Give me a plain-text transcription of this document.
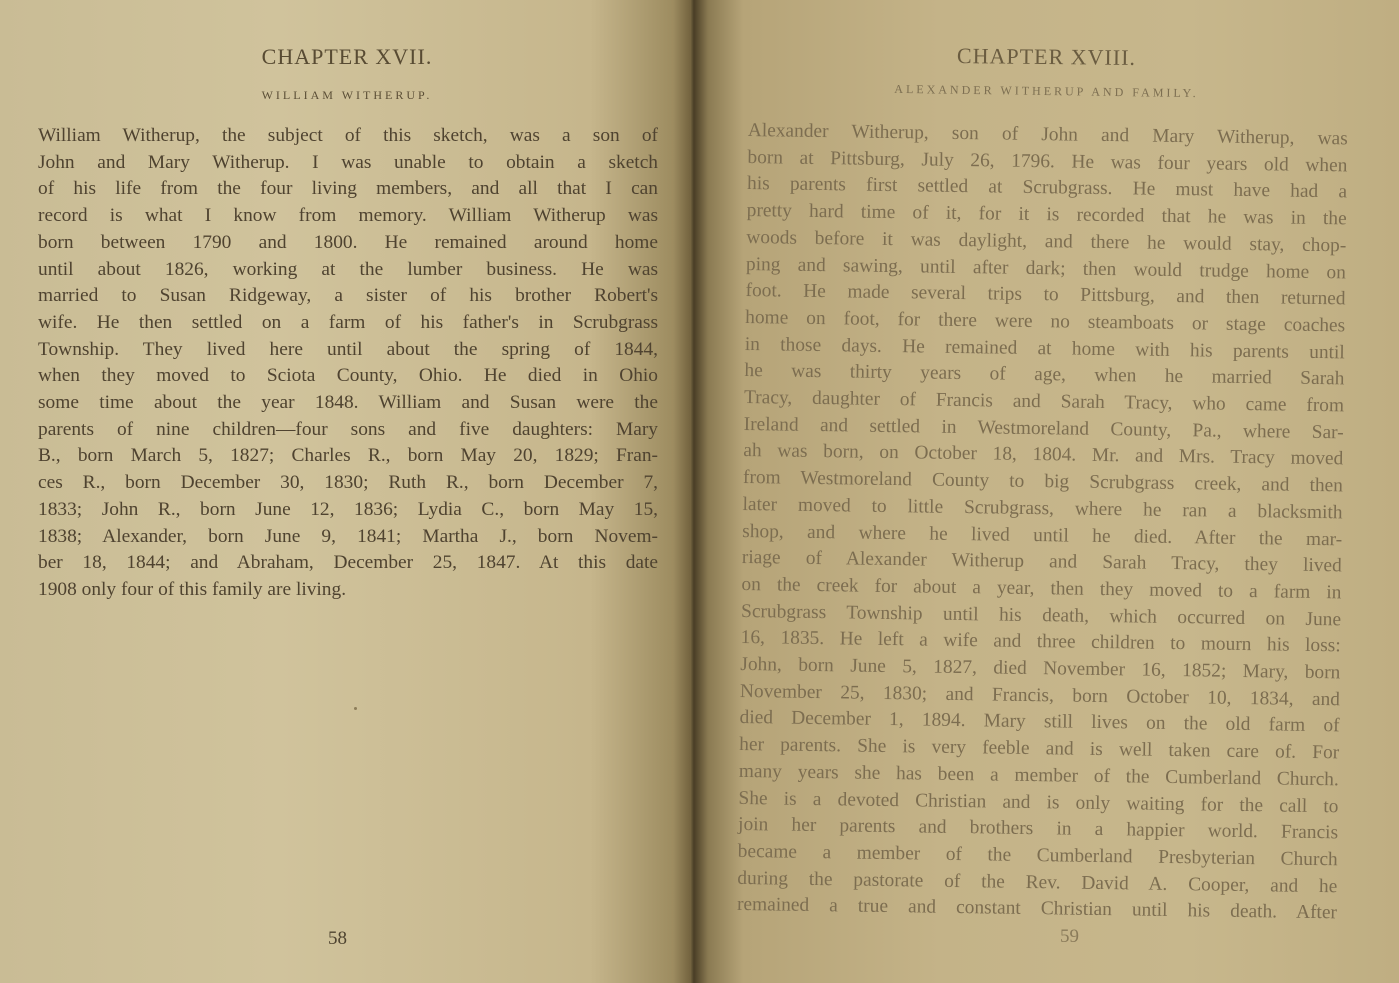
CHAPTER XVII.
WILLIAM WITHERUP.
William Witherup, the subject of this sketch, was a son of
John and Mary Witherup. I was unable to obtain a sketch
of his life from the four living members, and all that I can
record is what I know from memory. William Witherup was
born between 1790 and 1800. He remained around home
until about 1826, working at the lumber business. He was
married to Susan Ridgeway, a sister of his brother Robert's
wife. He then settled on a farm of his father's in Scrubgrass
Township. They lived here until about the spring of 1844,
when they moved to Sciota County, Ohio. He died in Ohio
some time about the year 1848. William and Susan were the
parents of nine children—four sons and five daughters: Mary
B., born March 5, 1827; Charles R., born May 20, 1829; Fran-
ces R., born December 30, 1830; Ruth R., born December 7,
1833; John R., born June 12, 1836; Lydia C., born May 15,
1838; Alexander, born June 9, 1841; Martha J., born Novem-
ber 18, 1844; and Abraham, December 25, 1847. At this date
1908 only four of this family are living.
58
CHAPTER XVIII.
ALEXANDER WITHERUP AND FAMILY.
Alexander Witherup, son of John and Mary Witherup, was
born at Pittsburg, July 26, 1796. He was four years old when
his parents first settled at Scrubgrass. He must have had a
pretty hard time of it, for it is recorded that he was in the
woods before it was daylight, and there he would stay, chop-
ping and sawing, until after dark; then would trudge home on
foot. He made several trips to Pittsburg, and then returned
home on foot, for there were no steamboats or stage coaches
in those days. He remained at home with his parents until
he was thirty years of age, when he married Sarah
Tracy, daughter of Francis and Sarah Tracy, who came from
Ireland and settled in Westmoreland County, Pa., where Sar-
ah was born, on October 18, 1804. Mr. and Mrs. Tracy moved
from Westmoreland County to big Scrubgrass creek, and then
later moved to little Scrubgrass, where he ran a blacksmith
shop, and where he lived until he died. After the mar-
riage of Alexander Witherup and Sarah Tracy, they lived
on the creek for about a year, then they moved to a farm in
Scrubgrass Township until his death, which occurred on June
16, 1835. He left a wife and three children to mourn his loss:
John, born June 5, 1827, died November 16, 1852; Mary, born
November 25, 1830; and Francis, born October 10, 1834, and
died December 1, 1894. Mary still lives on the old farm of
her parents. She is very feeble and is well taken care of. For
many years she has been a member of the Cumberland Church.
She is a devoted Christian and is only waiting for the call to
join her parents and brothers in a happier world. Francis
became a member of the Cumberland Presbyterian Church
during the pastorate of the Rev. David A. Cooper, and he
remained a true and constant Christian until his death. After
59
